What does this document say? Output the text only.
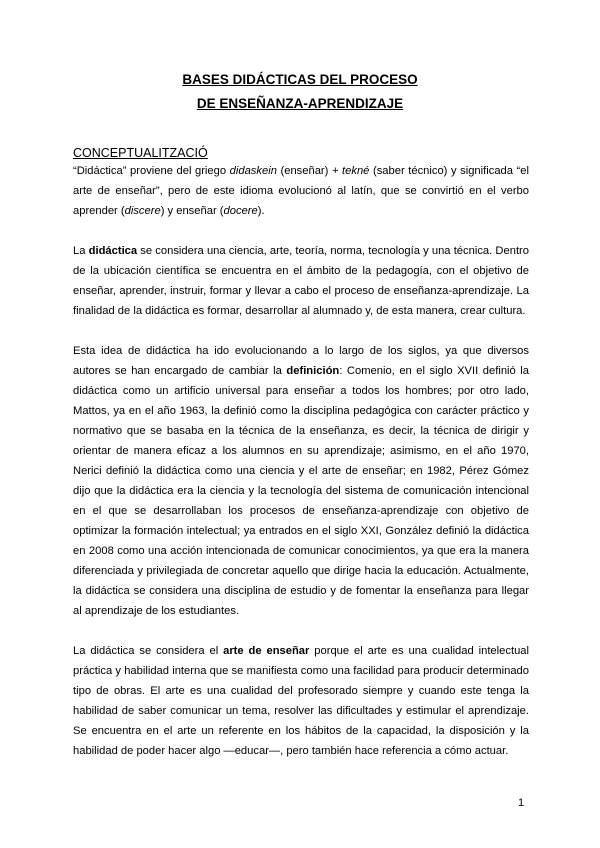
BASES DIDÁCTICAS DEL PROCESO
DE ENSEÑANZA-APRENDIZAJE
CONCEPTUALITZACIÓ

“Didáctica” proviene del griego didaskein (enseñar) + tekné (saber técnico) y significada “el arte de enseñar”, pero de este idioma evolucionó al latín, que se convirtió en el verbo aprender (discere) y enseñar (docere).

La didáctica se considera una ciencia, arte, teoría, norma, tecnología y una técnica. Dentro de la ubicación científica se encuentra en el ámbito de la pedagogía, con el objetivo de enseñar, aprender, instruir, formar y llevar a cabo el proceso de enseñanza-aprendizaje. La finalidad de la didáctica es formar, desarrollar al alumnado y, de esta manera, crear cultura.

Esta idea de didáctica ha ido evolucionando a lo largo de los siglos, ya que diversos autores se han encargado de cambiar la definición: Comenio, en el siglo XVII definió la didáctica como un artificio universal para enseñar a todos los hombres; por otro lado, Mattos, ya en el año 1963, la definió como la disciplina pedagógica con carácter práctico y normativo que se basaba en la técnica de la enseñanza, es decir, la técnica de dirigir y orientar de manera eficaz a los alumnos en su aprendizaje; asimismo, en el año 1970, Nerici definió la didáctica como una ciencia y el arte de enseñar; en 1982, Pérez Gómez dijo que la didáctica era la ciencia y la tecnología del sistema de comunicación intencional en el que se desarrollaban los procesos de enseñanza-aprendizaje con objetivo de optimizar la formación intelectual; ya entrados en el siglo XXI, González definió la didáctica en 2008 como una acción intencionada de comunicar conocimientos, ya que era la manera diferenciada y privilegiada de concretar aquello que dirige hacia la educación. Actualmente, la didáctica se considera una disciplina de estudio y de fomentar la enseñanza para llegar al aprendizaje de los estudiantes.

La didáctica se considera el arte de enseñar porque el arte es una cualidad intelectual práctica y habilidad interna que se manifiesta como una facilidad para producir determinado tipo de obras. El arte es una cualidad del profesorado siempre y cuando este tenga la habilidad de saber comunicar un tema, resolver las dificultades y estimular el aprendizaje. Se encuentra en el arte un referente en los hábitos de la capacidad, la disposición y la habilidad de poder hacer algo —educar—, pero también hace referencia a cómo actuar.

1
